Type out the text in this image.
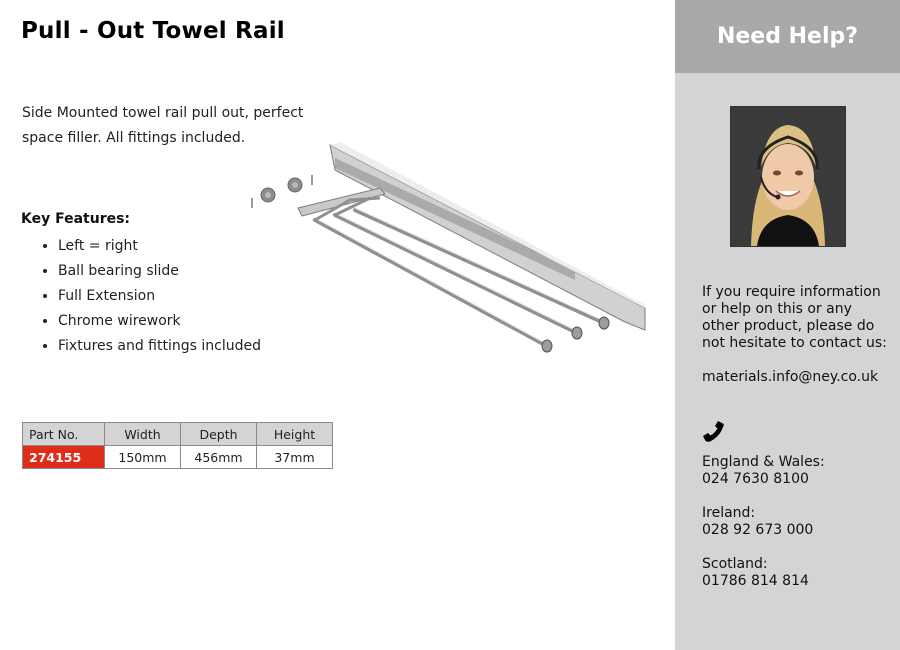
Pull - Out Towel Rail

Side Mounted towel rail pull out, perfect space filler. All fittings included.

Key Features:

• Left = right
• Ball bearing slide
• Full Extension
• Chrome wirework
• Fixtures and fittings included
Part No.	Width	Depth	Height
274155	150mm	456mm	37mm
Need Help?

If you require information or help on this or any other product, please do not hesitate to contact us:

materials.info@ney.co.uk

England & Wales:

024 7630 8100

Ireland:

028 92 673 000

Scotland:

01786 814 814
